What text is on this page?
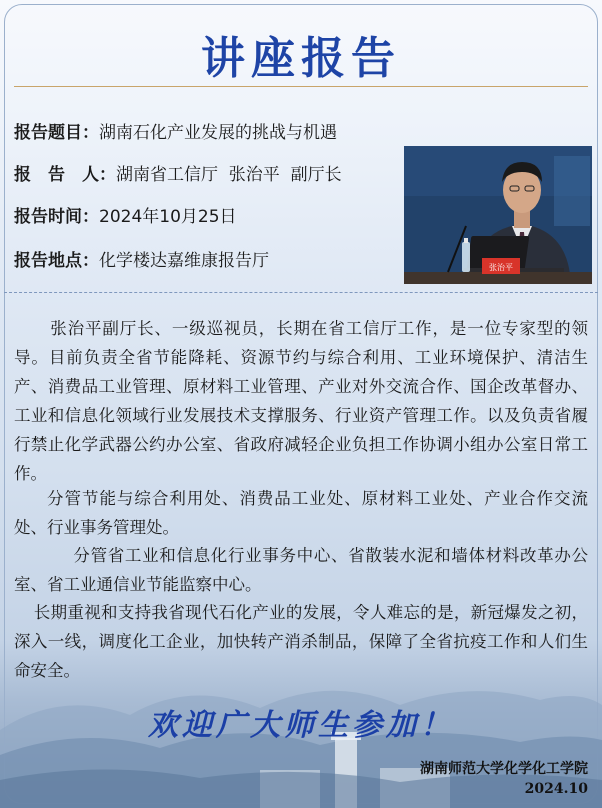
讲座报告
报告题目：湖南石化产业发展的挑战与机遇
报　告　人：湖南省工信厅  张治平  副厅长
报告时间：2024年10月25日
报告地点：化学楼达嘉维康报告厅	张治平

张治平副厅长、一级巡视员，长期在省工信厅工作，是一位专家型的领导。目前负责全省节能降耗、资源节约与综合利用、工业环境保护、清洁生产、消费品工业管理、原材料工业管理、产业对外交流合作、国企改革督办、工业和信息化领域行业发展技术支撑服务、行业资产管理工作。以及负责省履行禁止化学武器公约办公室、省政府减轻企业负担工作协调小组办公室日常工作。

分管节能与综合利用处、消费品工业处、原材料工业处、产业合作交流处、行业事务管理处。

分管省工业和信息化行业事务中心、省散装水泥和墙体材料改革办公室、省工业通信业节能监察中心。

长期重视和支持我省现代石化产业的发展，令人难忘的是，新冠爆发之初，深入一线，调度化工企业，加快转产消杀制品，保障了全省抗疫工作和人们生命安全。

欢迎广大师生参加！
湖南师范大学化学化工学院
2024.10
